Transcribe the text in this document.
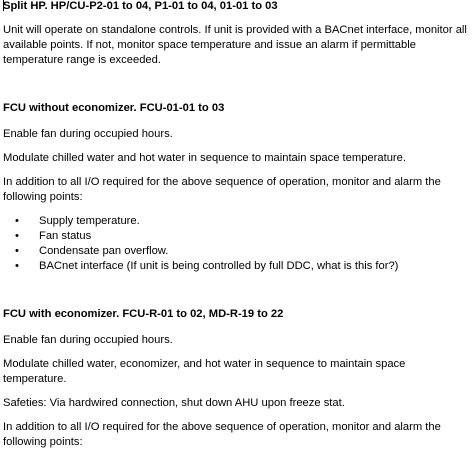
Split HP. HP/CU-P2-01 to 04, P1-01 to 04, 01-01 to 03

Unit will operate on standalone controls. If unit is provided with a BACnet interface, monitor all available points. If not, monitor space temperature and issue an alarm if permittable temperature range is exceeded.

FCU without economizer. FCU-01-01 to 03

Enable fan during occupied hours.

Modulate chilled water and hot water in sequence to maintain space temperature.

In addition to all I/O required for the above sequence of operation, monitor and alarm the following points:

• Supply temperature.
• Fan status
• Condensate pan overflow.
• BACnet interface (If unit is being controlled by full DDC, what is this for?)

FCU with economizer. FCU-R-01 to 02, MD-R-19 to 22

Enable fan during occupied hours.

Modulate chilled water, economizer, and hot water in sequence to maintain space temperature.

Safeties: Via hardwired connection, shut down AHU upon freeze stat.

In addition to all I/O required for the above sequence of operation, monitor and alarm the following points:
